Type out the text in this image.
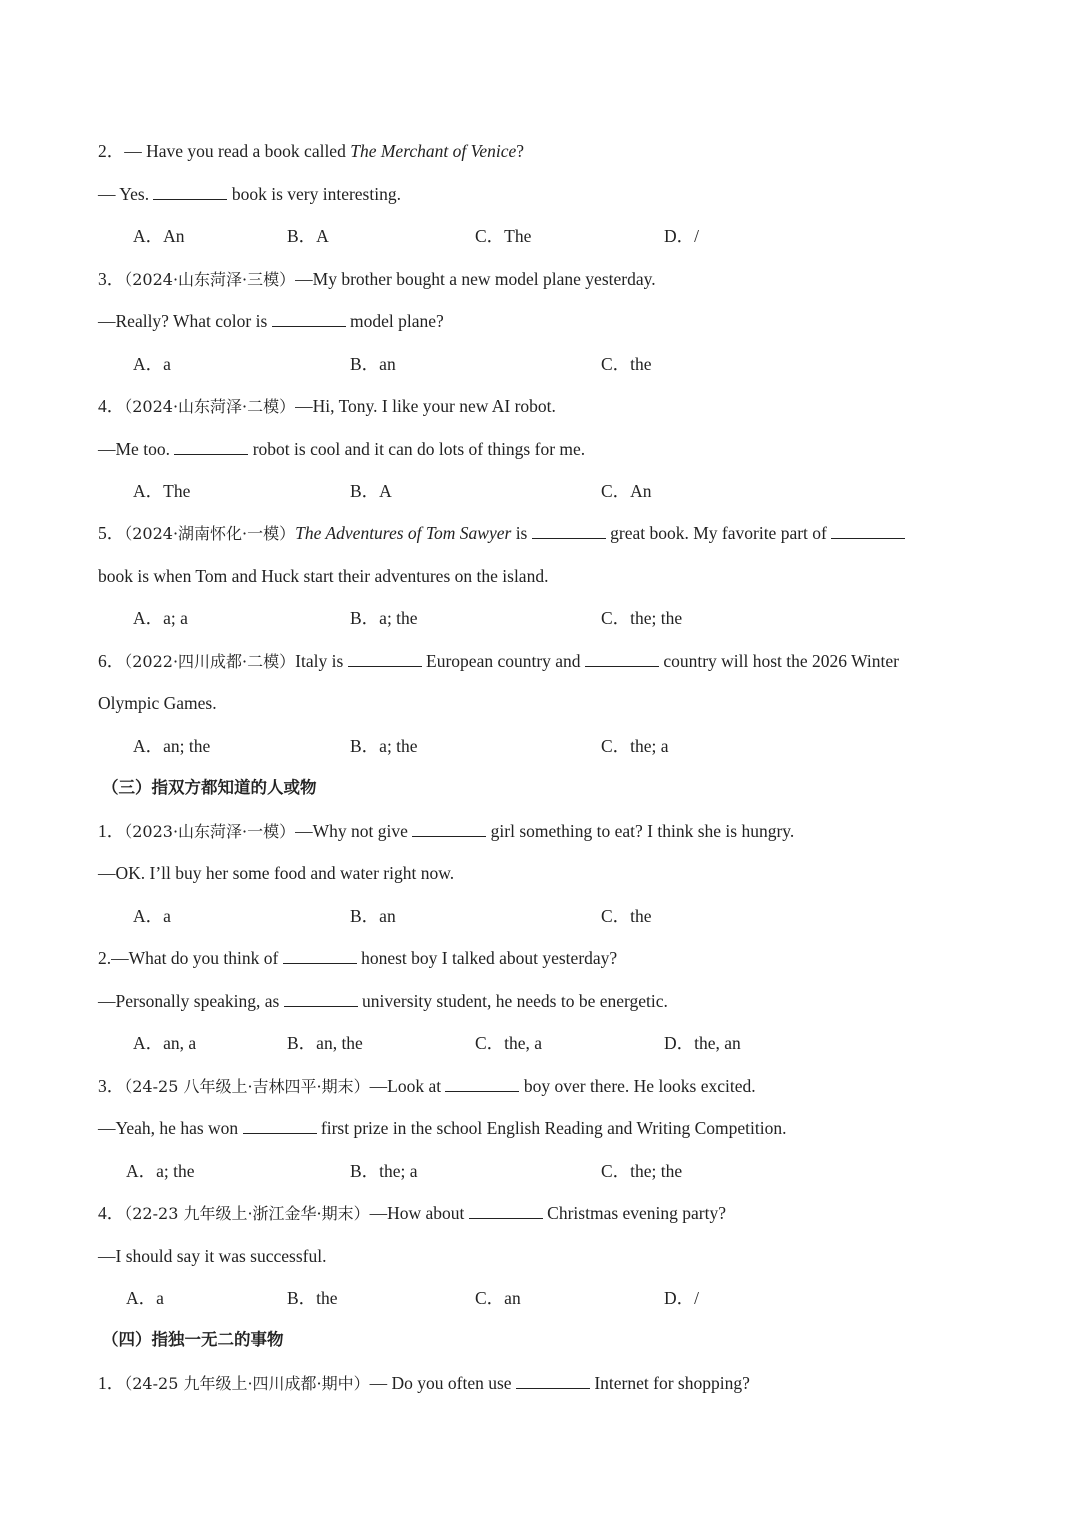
2．— Have you read a book called The Merchant of Venice?
— Yes.	book is very interesting.
A．An	B．A	C．The	D．/
3．（2024·山东菏泽·三模）—My brother bought a new model plane yesterday.
—Really? What color is	model plane?
A．a	B．an	C．the
4．（2024·山东菏泽·二模）—Hi, Tony. I like your new AI robot.
—Me too.	robot is cool and it can do lots of things for me.
A．The	B．A	C．An
5．（2024·湖南怀化·一模）The Adventures of Tom Sawyer is	great book. My favorite part of
book is when Tom and Huck start their adventures on the island.
A．a; a	B．a; the	C．the; the
6．（2022·四川成都·二模）Italy is	European country and	country will host the 2026 Winter
Olympic Games.
A．an; the	B．a; the	C．the; a
（三）指双方都知道的人或物
1．（2023·山东菏泽·一模）—Why not give	girl something to eat? I think she is hungry.
—OK. I’ll buy her some food and water right now.
A．a	B．an	C．the
2.—What do you think of	honest boy I talked about yesterday?
—Personally speaking, as	university student, he needs to be energetic.
A．an, a	B．an, the	C．the, a	D．the, an
3．（24-25 八年级上·吉林四平·期末）—Look at	boy over there. He looks excited.
—Yeah, he has won	first prize in the school English Reading and Writing Competition.
A．a; the	B．the; a	C．the; the
4．（22-23 九年级上·浙江金华·期末）—How about	Christmas evening party?
—I should say it was successful.
A．a	B．the	C．an	D．/
（四）指独一无二的事物
1．（24-25 九年级上·四川成都·期中）— Do you often use	Internet for shopping?
